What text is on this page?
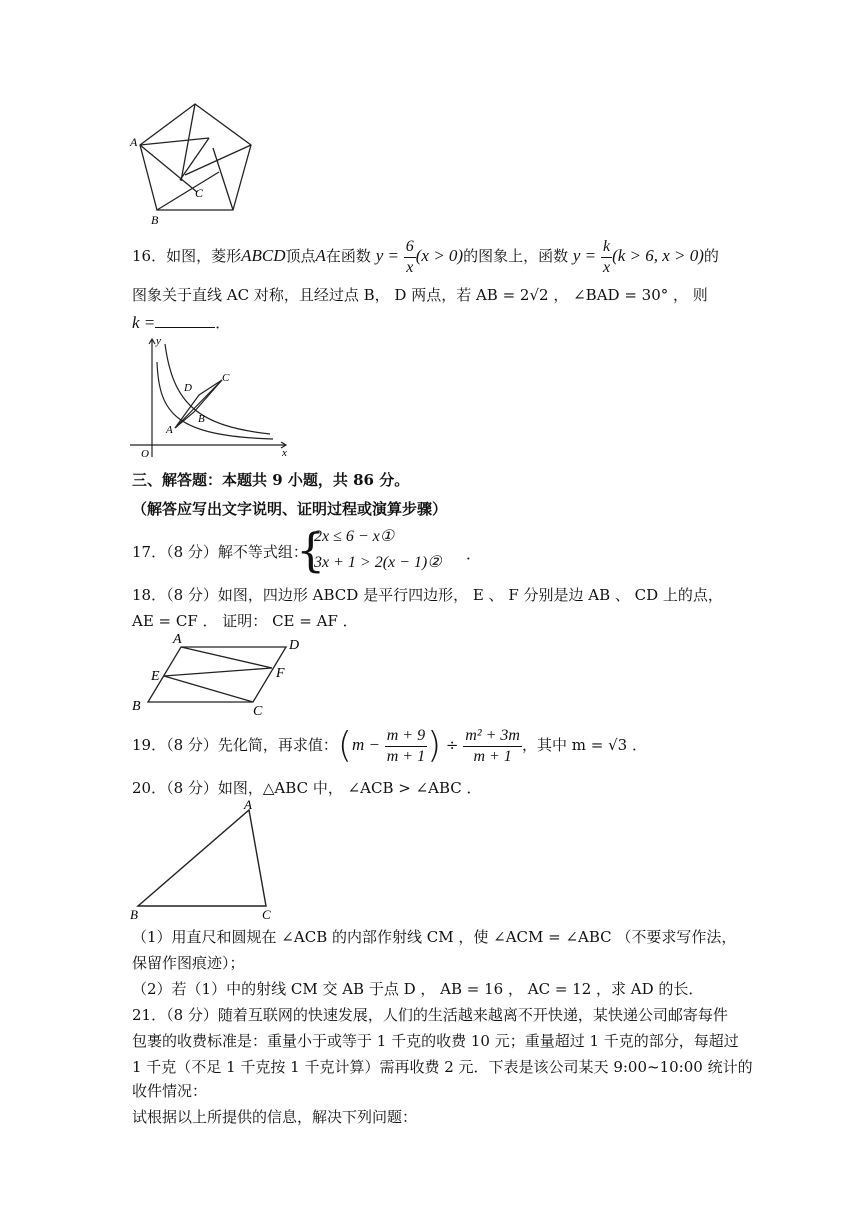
A
C
B
16．如图，菱形ABCD顶点A在函数 $y = \frac{6}{x} (x > 0)$的图象上，函数 $y = \frac{k}{x} (k > 6$, x > 0)的
图象关于直线 AC 对称，且经过点 B， D 两点，若 AB = 2√2 ， ∠BAD = 30° ， 则
k =	．
y
x
O
D
C
B
A
三、解答题：本题共 9 小题，共 86 分。
（解答应写出文字说明、证明过程或演算步骤）
17．（8 分）解不等式组：
{
2x ≤ 6 − x①
3x + 1 > 2(x − 1)② ．
18．（8 分）如图，四边形 ABCD 是平行四边形， E 、 F 分别是边 AB 、 CD 上的点，
AE = CF ． 证明： CE = AF ．
A	D
E	F
B	C
19．（8 分）先化简，再求值：($m - \frac{m + 9}{m + 1}$ ) ÷ $\frac{\text{m² + 3m}}{m + 1}$ ，其中 m = √3 ．
20．（8 分）如图，△ABC 中， ∠ACB > ∠ABC ．
A
B	C
（1）用直尺和圆规在 ∠ACB 的内部作射线 CM ，使 ∠ACM = ∠ABC （不要求写作法，
保留作图痕迹）；
（2）若（1）中的射线 CM 交 AB 于点 D ， AB = 16 ， AC = 12 ，求 AD 的长．
21．（8 分）随着互联网的快速发展，人们的生活越来越离不开快递，某快递公司邮寄每件
包裹的收费标准是：重量小于或等于 1 千克的收费 10 元；重量超过 1 千克的部分，每超过
1 千克（不足 1 千克按 1 千克计算）需再收费 2 元．下表是该公司某天 9:00~10:00 统计的
收件情况：
试根据以上所提供的信息，解决下列问题：
